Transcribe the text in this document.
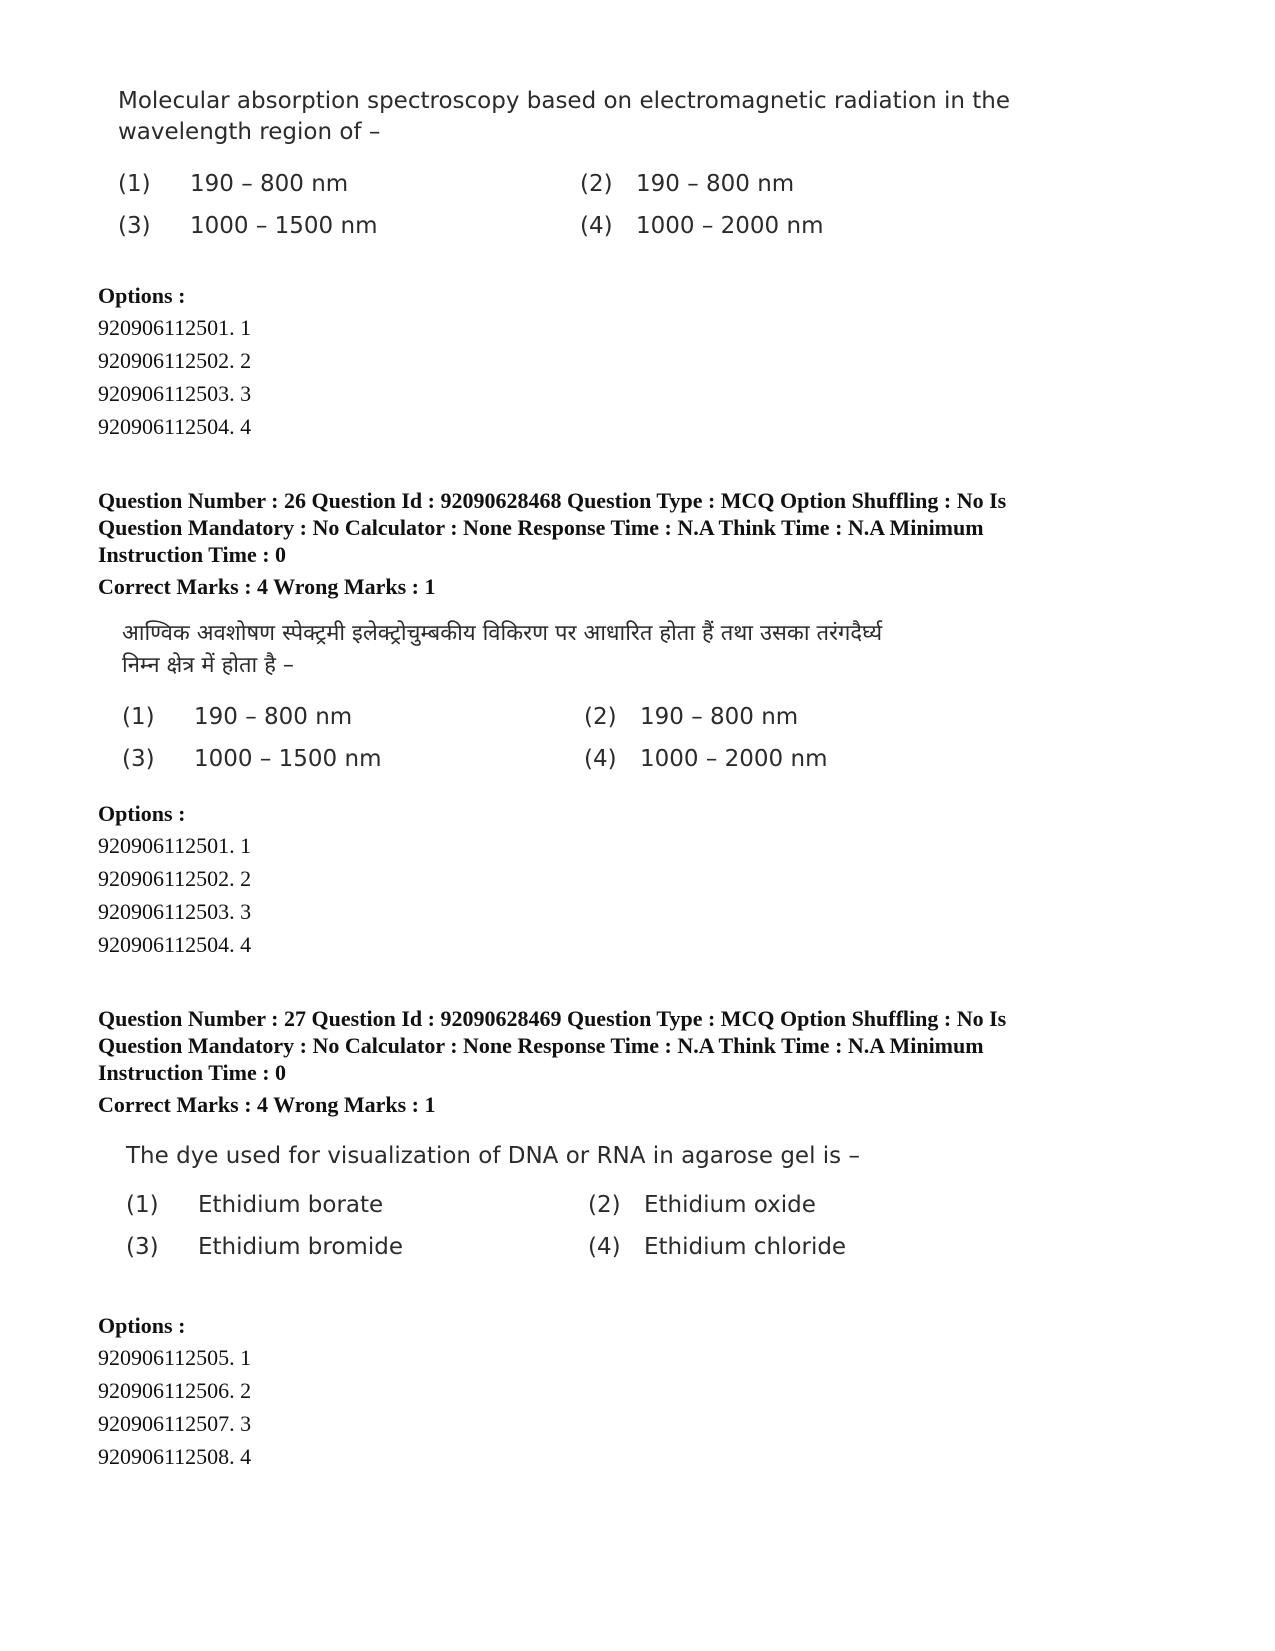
Molecular absorption spectroscopy based on electromagnetic radiation in the
wavelength region of –
(1) 190 – 800 nm	(2) 190 – 800 nm
(3) 1000 – 1500 nm	(4) 1000 – 2000 nm
Options :
920906112501. 1
920906112502. 2
920906112503. 3
920906112504. 4
Question Number : 26 Question Id : 92090628468 Question Type : MCQ Option Shuffling : No Is
Question Mandatory : No Calculator : None Response Time : N.A Think Time : N.A Minimum
Instruction Time : 0
Correct Marks : 4 Wrong Marks : 1
आण्विक अवशोषण स्पेक्ट्रमी इलेक्ट्रोचुम्बकीय विकिरण पर आधारित होता हैं तथा उसका तरंगदैर्घ्य
निम्न क्षेत्र में होता है –
(1) 190 – 800 nm	(2) 190 – 800 nm
(3) 1000 – 1500 nm	(4) 1000 – 2000 nm
Options :
920906112501. 1
920906112502. 2
920906112503. 3
920906112504. 4
Question Number : 27 Question Id : 92090628469 Question Type : MCQ Option Shuffling : No Is
Question Mandatory : No Calculator : None Response Time : N.A Think Time : N.A Minimum
Instruction Time : 0
Correct Marks : 4 Wrong Marks : 1
The dye used for visualization of DNA or RNA in agarose gel is –
(1) Ethidium borate	(2) Ethidium oxide
(3) Ethidium bromide	(4) Ethidium chloride
Options :
920906112505. 1
920906112506. 2
920906112507. 3
920906112508. 4
